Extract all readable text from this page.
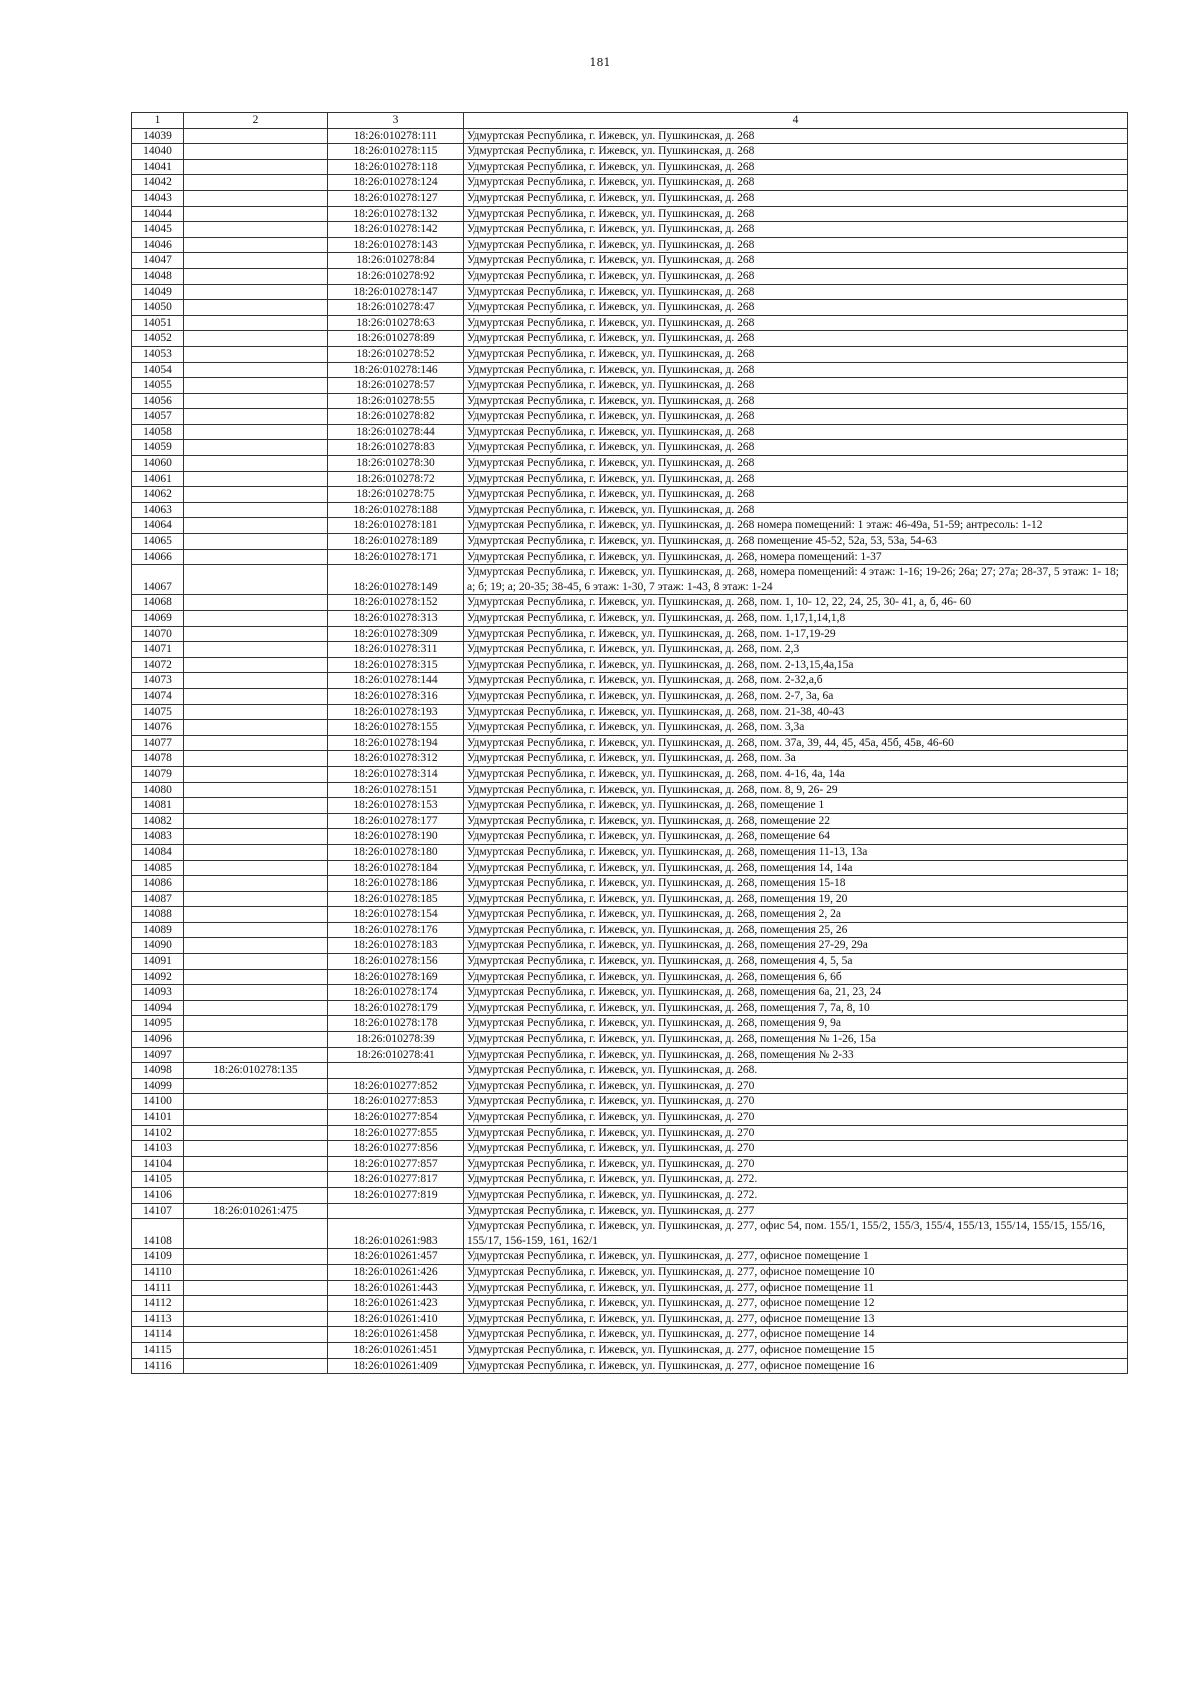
181
1	2	3	4
14039		18:26:010278:111	Удмуртская Республика, г. Ижевск, ул. Пушкинская, д. 268
14040		18:26:010278:115	Удмуртская Республика, г. Ижевск, ул. Пушкинская, д. 268
14041		18:26:010278:118	Удмуртская Республика, г. Ижевск, ул. Пушкинская, д. 268
14042		18:26:010278:124	Удмуртская Республика, г. Ижевск, ул. Пушкинская, д. 268
14043		18:26:010278:127	Удмуртская Республика, г. Ижевск, ул. Пушкинская, д. 268
14044		18:26:010278:132	Удмуртская Республика, г. Ижевск, ул. Пушкинская, д. 268
14045		18:26:010278:142	Удмуртская Республика, г. Ижевск, ул. Пушкинская, д. 268
14046		18:26:010278:143	Удмуртская Республика, г. Ижевск, ул. Пушкинская, д. 268
14047		18:26:010278:84	Удмуртская Республика, г. Ижевск, ул. Пушкинская, д. 268
14048		18:26:010278:92	Удмуртская Республика, г. Ижевск, ул. Пушкинская, д. 268
14049		18:26:010278:147	Удмуртская Республика, г. Ижевск, ул. Пушкинская, д. 268
14050		18:26:010278:47	Удмуртская Республика, г. Ижевск, ул. Пушкинская, д. 268
14051		18:26:010278:63	Удмуртская Республика, г. Ижевск, ул. Пушкинская, д. 268
14052		18:26:010278:89	Удмуртская Республика, г. Ижевск, ул. Пушкинская, д. 268
14053		18:26:010278:52	Удмуртская Республика, г. Ижевск, ул. Пушкинская, д. 268
14054		18:26:010278:146	Удмуртская Республика, г. Ижевск, ул. Пушкинская, д. 268
14055		18:26:010278:57	Удмуртская Республика, г. Ижевск, ул. Пушкинская, д. 268
14056		18:26:010278:55	Удмуртская Республика, г. Ижевск, ул. Пушкинская, д. 268
14057		18:26:010278:82	Удмуртская Республика, г. Ижевск, ул. Пушкинская, д. 268
14058		18:26:010278:44	Удмуртская Республика, г. Ижевск, ул. Пушкинская, д. 268
14059		18:26:010278:83	Удмуртская Республика, г. Ижевск, ул. Пушкинская, д. 268
14060		18:26:010278:30	Удмуртская Республика, г. Ижевск, ул. Пушкинская, д. 268
14061		18:26:010278:72	Удмуртская Республика, г. Ижевск, ул. Пушкинская, д. 268
14062		18:26:010278:75	Удмуртская Республика, г. Ижевск, ул. Пушкинская, д. 268
14063		18:26:010278:188	Удмуртская Республика, г. Ижевск, ул. Пушкинская, д. 268
14064		18:26:010278:181	Удмуртская Республика, г. Ижевск, ул. Пушкинская, д. 268 номера помещений: 1 этаж: 46-49а, 51-59; антресоль: 1-12
14065		18:26:010278:189	Удмуртская Республика, г. Ижевск, ул. Пушкинская, д. 268 помещение 45-52, 52а, 53, 53а, 54-63
14066		18:26:010278:171	Удмуртская Республика, г. Ижевск, ул. Пушкинская, д. 268, номера помещений: 1-37
14067		18:26:010278:149	Удмуртская Республика, г. Ижевск, ул. Пушкинская, д. 268, номера помещений: 4 этаж: 1-16; 19-26; 26а; 27; 27а; 28-37, 5 этаж: 1- 18; а; б; 19; а; 20-35; 38-45, 6 этаж: 1-30, 7 этаж: 1-43, 8 этаж: 1-24
14068		18:26:010278:152	Удмуртская Республика, г. Ижевск, ул. Пушкинская, д. 268, пом. 1, 10- 12, 22, 24, 25, 30- 41, а, б, 46- 60
14069		18:26:010278:313	Удмуртская Республика, г. Ижевск, ул. Пушкинская, д. 268, пом. 1,17,1,14,1,8
14070		18:26:010278:309	Удмуртская Республика, г. Ижевск, ул. Пушкинская, д. 268, пом. 1-17,19-29
14071		18:26:010278:311	Удмуртская Республика, г. Ижевск, ул. Пушкинская, д. 268, пом. 2,3
14072		18:26:010278:315	Удмуртская Республика, г. Ижевск, ул. Пушкинская, д. 268, пом. 2-13,15,4а,15а
14073		18:26:010278:144	Удмуртская Республика, г. Ижевск, ул. Пушкинская, д. 268, пом. 2-32,а,б
14074		18:26:010278:316	Удмуртская Республика, г. Ижевск, ул. Пушкинская, д. 268, пом. 2-7, 3а, 6а
14075		18:26:010278:193	Удмуртская Республика, г. Ижевск, ул. Пушкинская, д. 268, пом. 21-38, 40-43
14076		18:26:010278:155	Удмуртская Республика, г. Ижевск, ул. Пушкинская, д. 268, пом. 3,3а
14077		18:26:010278:194	Удмуртская Республика, г. Ижевск, ул. Пушкинская, д. 268, пом. 37а, 39, 44, 45, 45а, 45б, 45в, 46-60
14078		18:26:010278:312	Удмуртская Республика, г. Ижевск, ул. Пушкинская, д. 268, пом. 3а
14079		18:26:010278:314	Удмуртская Республика, г. Ижевск, ул. Пушкинская, д. 268, пом. 4-16, 4а, 14а
14080		18:26:010278:151	Удмуртская Республика, г. Ижевск, ул. Пушкинская, д. 268, пом. 8, 9, 26- 29
14081		18:26:010278:153	Удмуртская Республика, г. Ижевск, ул. Пушкинская, д. 268, помещение 1
14082		18:26:010278:177	Удмуртская Республика, г. Ижевск, ул. Пушкинская, д. 268, помещение 22
14083		18:26:010278:190	Удмуртская Республика, г. Ижевск, ул. Пушкинская, д. 268, помещение 64
14084		18:26:010278:180	Удмуртская Республика, г. Ижевск, ул. Пушкинская, д. 268, помещения 11-13, 13а
14085		18:26:010278:184	Удмуртская Республика, г. Ижевск, ул. Пушкинская, д. 268, помещения 14, 14а
14086		18:26:010278:186	Удмуртская Республика, г. Ижевск, ул. Пушкинская, д. 268, помещения 15-18
14087		18:26:010278:185	Удмуртская Республика, г. Ижевск, ул. Пушкинская, д. 268, помещения 19, 20
14088		18:26:010278:154	Удмуртская Республика, г. Ижевск, ул. Пушкинская, д. 268, помещения 2, 2а
14089		18:26:010278:176	Удмуртская Республика, г. Ижевск, ул. Пушкинская, д. 268, помещения 25, 26
14090		18:26:010278:183	Удмуртская Республика, г. Ижевск, ул. Пушкинская, д. 268, помещения 27-29, 29а
14091		18:26:010278:156	Удмуртская Республика, г. Ижевск, ул. Пушкинская, д. 268, помещения 4, 5, 5а
14092		18:26:010278:169	Удмуртская Республика, г. Ижевск, ул. Пушкинская, д. 268, помещения 6, 6б
14093		18:26:010278:174	Удмуртская Республика, г. Ижевск, ул. Пушкинская, д. 268, помещения 6а, 21, 23, 24
14094		18:26:010278:179	Удмуртская Республика, г. Ижевск, ул. Пушкинская, д. 268, помещения 7, 7а, 8, 10
14095		18:26:010278:178	Удмуртская Республика, г. Ижевск, ул. Пушкинская, д. 268, помещения 9, 9а
14096		18:26:010278:39	Удмуртская Республика, г. Ижевск, ул. Пушкинская, д. 268, помещения № 1-26, 15а
14097		18:26:010278:41	Удмуртская Республика, г. Ижевск, ул. Пушкинская, д. 268, помещения № 2-33
14098	18:26:010278:135		Удмуртская Республика, г. Ижевск, ул. Пушкинская, д. 268.
14099		18:26:010277:852	Удмуртская Республика, г. Ижевск, ул. Пушкинская, д. 270
14100		18:26:010277:853	Удмуртская Республика, г. Ижевск, ул. Пушкинская, д. 270
14101		18:26:010277:854	Удмуртская Республика, г. Ижевск, ул. Пушкинская, д. 270
14102		18:26:010277:855	Удмуртская Республика, г. Ижевск, ул. Пушкинская, д. 270
14103		18:26:010277:856	Удмуртская Республика, г. Ижевск, ул. Пушкинская, д. 270
14104		18:26:010277:857	Удмуртская Республика, г. Ижевск, ул. Пушкинская, д. 270
14105		18:26:010277:817	Удмуртская Республика, г. Ижевск, ул. Пушкинская, д. 272.
14106		18:26:010277:819	Удмуртская Республика, г. Ижевск, ул. Пушкинская, д. 272.
14107	18:26:010261:475		Удмуртская Республика, г. Ижевск, ул. Пушкинская, д. 277
14108		18:26:010261:983	Удмуртская Республика, г. Ижевск, ул. Пушкинская, д. 277, офис 54, пом. 155/1, 155/2, 155/3, 155/4, 155/13, 155/14, 155/15, 155/16, 155/17, 156-159, 161, 162/1
14109		18:26:010261:457	Удмуртская Республика, г. Ижевск, ул. Пушкинская, д. 277, офисное помещение 1
14110		18:26:010261:426	Удмуртская Республика, г. Ижевск, ул. Пушкинская, д. 277, офисное помещение 10
14111		18:26:010261:443	Удмуртская Республика, г. Ижевск, ул. Пушкинская, д. 277, офисное помещение 11
14112		18:26:010261:423	Удмуртская Республика, г. Ижевск, ул. Пушкинская, д. 277, офисное помещение 12
14113		18:26:010261:410	Удмуртская Республика, г. Ижевск, ул. Пушкинская, д. 277, офисное помещение 13
14114		18:26:010261:458	Удмуртская Республика, г. Ижевск, ул. Пушкинская, д. 277, офисное помещение 14
14115		18:26:010261:451	Удмуртская Республика, г. Ижевск, ул. Пушкинская, д. 277, офисное помещение 15
14116		18:26:010261:409	Удмуртская Республика, г. Ижевск, ул. Пушкинская, д. 277, офисное помещение 16
